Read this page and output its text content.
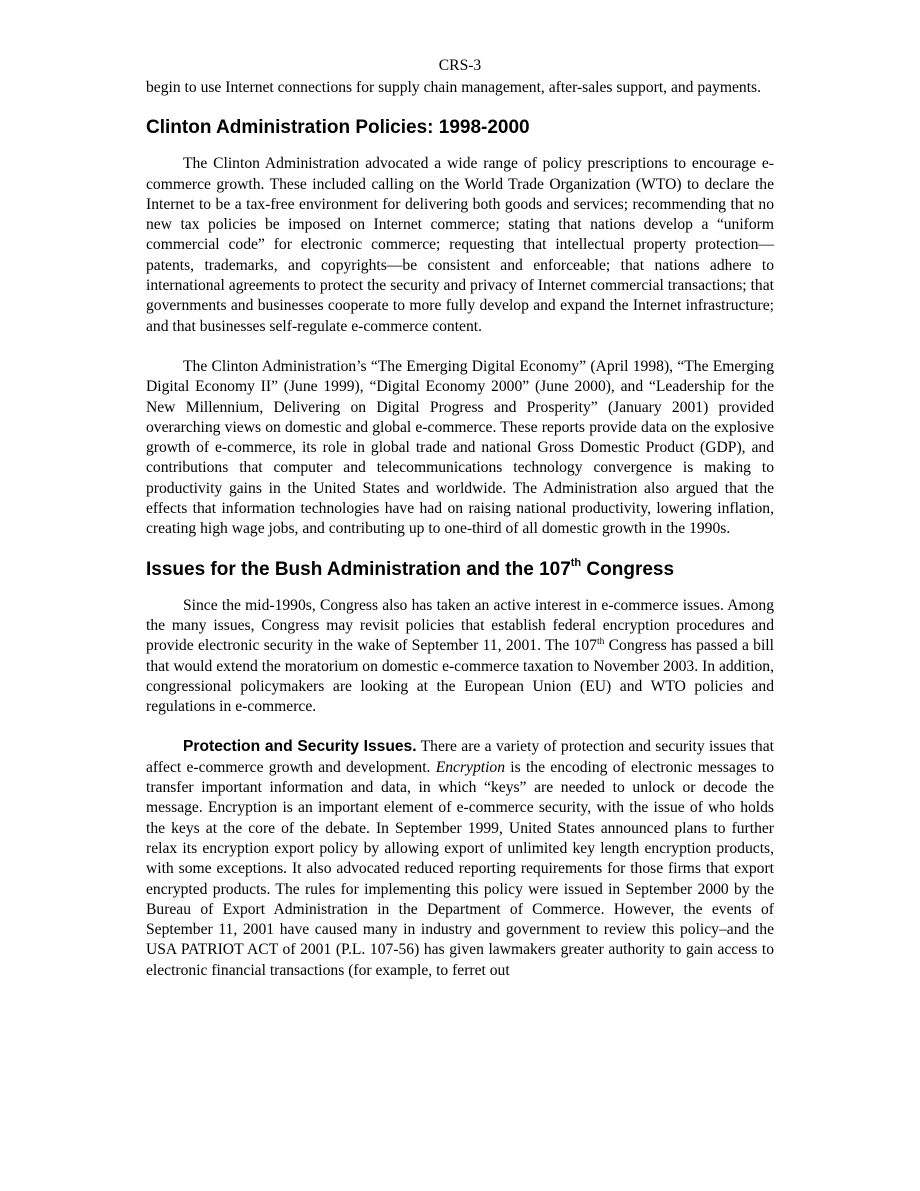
CRS-3

begin to use Internet connections for supply chain management, after-sales support, and payments.

Clinton Administration Policies: 1998-2000

The Clinton Administration advocated a wide range of policy prescriptions to encourage e-commerce growth. These included calling on the World Trade Organization (WTO) to declare the Internet to be a tax-free environment for delivering both goods and services; recommending that no new tax policies be imposed on Internet commerce; stating that nations develop a “uniform commercial code” for electronic commerce; requesting that intellectual property protection— patents, trademarks, and copyrights—be consistent and enforceable; that nations adhere to international agreements to protect the security and privacy of Internet commercial transactions; that governments and businesses cooperate to more fully develop and expand the Internet infrastructure; and that businesses self-regulate e-commerce content.

The Clinton Administration’s “The Emerging Digital Economy” (April 1998), “The Emerging Digital Economy II” (June 1999), “Digital Economy 2000” (June 2000), and “Leadership for the New Millennium, Delivering on Digital Progress and Prosperity” (January 2001) provided overarching views on domestic and global e-commerce. These reports provide data on the explosive growth of e-commerce, its role in global trade and national Gross Domestic Product (GDP), and contributions that computer and telecommunications technology convergence is making to productivity gains in the United States and worldwide. The Administration also argued that the effects that information technologies have had on raising national productivity, lowering inflation, creating high wage jobs, and contributing up to one-third of all domestic growth in the 1990s.

Issues for the Bush Administration and the 107th Congress

Since the mid-1990s, Congress also has taken an active interest in e-commerce issues. Among the many issues, Congress may revisit policies that establish federal encryption procedures and provide electronic security in the wake of September 11, 2001. The 107th Congress has passed a bill that would extend the moratorium on domestic e-commerce taxation to November 2003. In addition, congressional policymakers are looking at the European Union (EU) and WTO policies and regulations in e-commerce.

Protection and Security Issues. There are a variety of protection and security issues that affect e-commerce growth and development. Encryption is the encoding of electronic messages to transfer important information and data, in which “keys” are needed to unlock or decode the message. Encryption is an important element of e-commerce security, with the issue of who holds the keys at the core of the debate. In September 1999, United States announced plans to further relax its encryption export policy by allowing export of unlimited key length encryption products, with some exceptions. It also advocated reduced reporting requirements for those firms that export encrypted products. The rules for implementing this policy were issued in September 2000 by the Bureau of Export Administration in the Department of Commerce. However, the events of September 11, 2001 have caused many in industry and government to review this policy–and the USA PATRIOT ACT of 2001 (P.L. 107-56) has given lawmakers greater authority to gain access to electronic financial transactions (for example, to ferret out
